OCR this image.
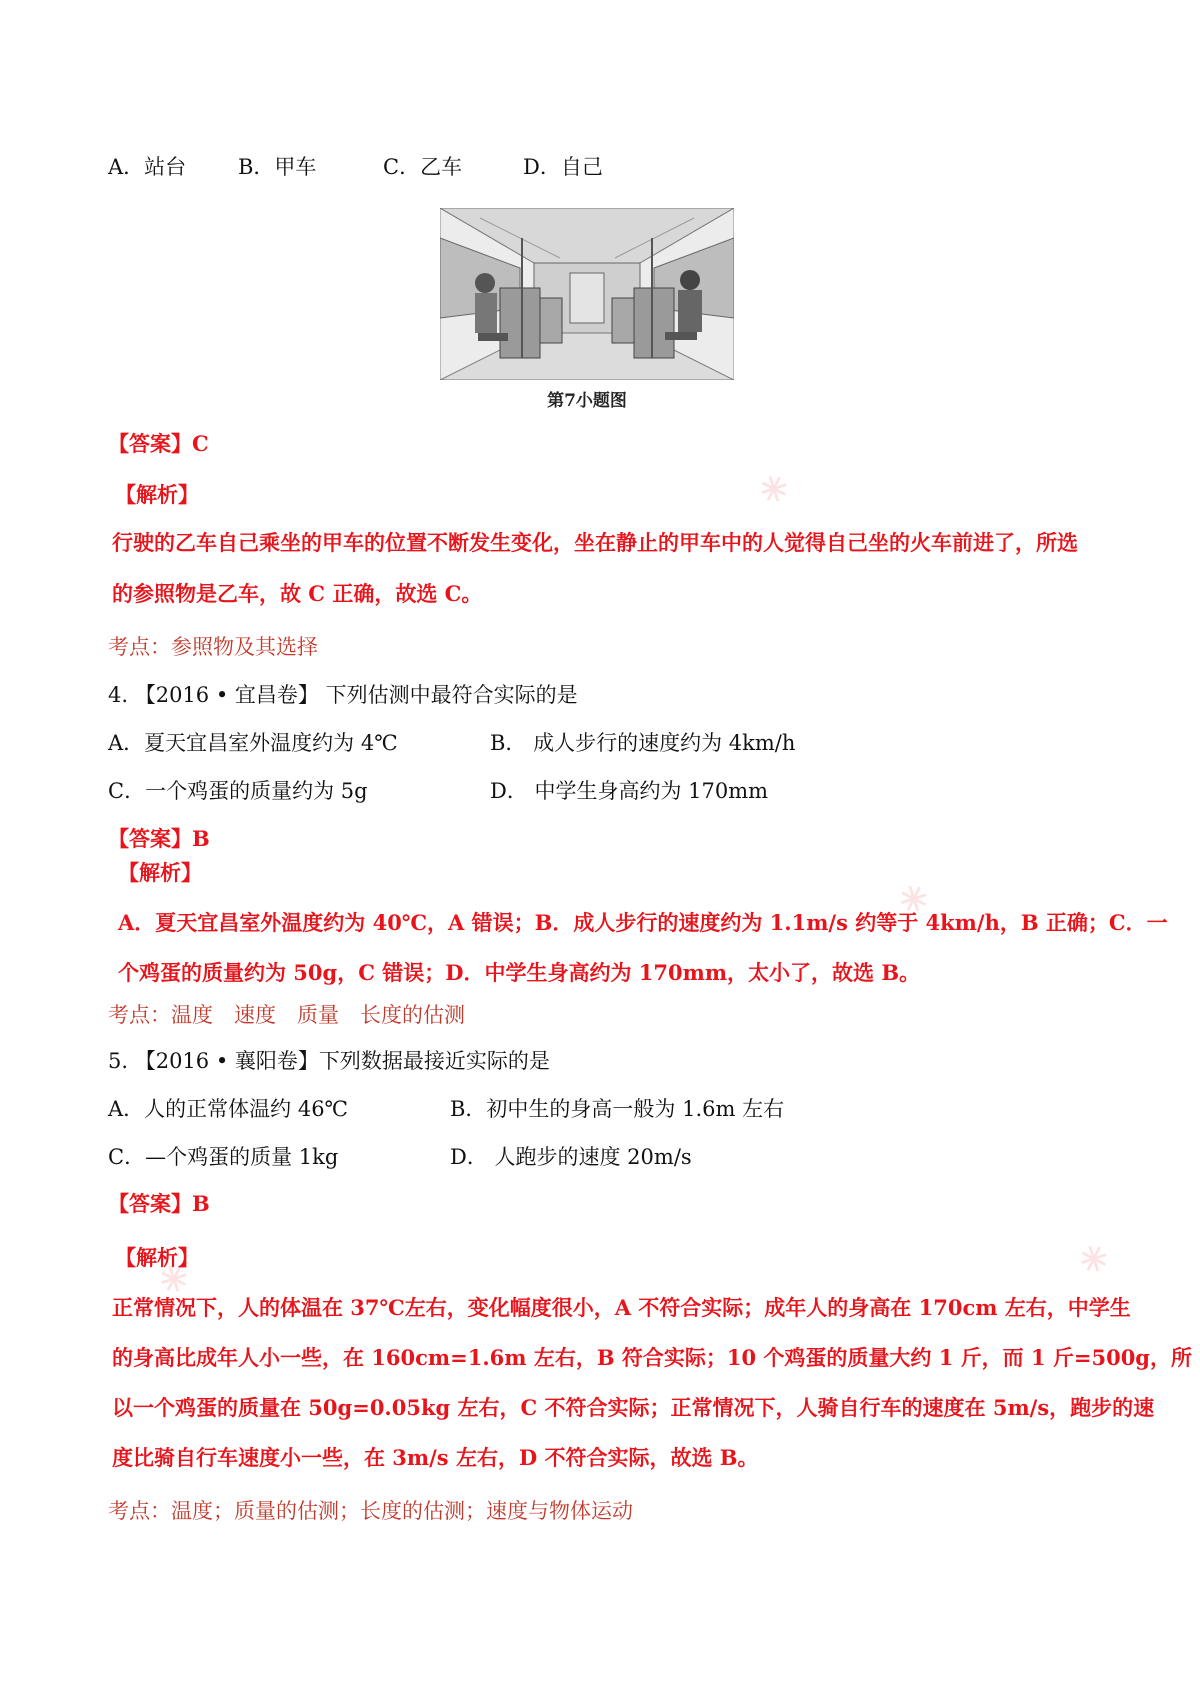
A．站台 B．甲车	C．乙车	D．自己
第7小题图
【答案】C
【解析】
行驶的乙车自己乘坐的甲车的位置不断发生变化，坐在静止的甲车中的人觉得自己坐的火车前进了，所选
的参照物是乙车，故 C 正确，故选 C。
考点：参照物及其选择
4. 【2016 • 宜昌卷】 下列估测中最符合实际的是
A．夏天宜昌室外温度约为 4℃	B． 成人步行的速度约为 4km/h
C．一个鸡蛋的质量约为 5g	D． 中学生身高约为 170mm
【答案】B
【解析】
A．夏天宜昌室外温度约为 40℃，A 错误；B．成人步行的速度约为 1.1m/s 约等于 4km/h，B 正确；C．一
个鸡蛋的质量约为 50g，C 错误；D．中学生身高约为 170mm，太小了，故选 B。
考点：温度　速度　质量　长度的估测
5. 【2016 • 襄阳卷】下列数据最接近实际的是
A．人的正常体温约 46℃	B．初中生的身高一般为 1.6m 左右
C．—个鸡蛋的质量 1kg	D． 人跑步的速度 20m/s
【答案】B
【解析】
正常情况下，人的体温在 37℃左右，变化幅度很小，A 不符合实际；成年人的身高在 170cm 左右，中学生
的身高比成年人小一些，在 160cm=1.6m 左右，B 符合实际；10 个鸡蛋的质量大约 1 斤，而 1 斤=500g，所
以一个鸡蛋的质量在 50g=0.05kg 左右，C 不符合实际；正常情况下，人骑自行车的速度在 5m/s，跑步的速
度比骑自行车速度小一些，在 3m/s 左右，D 不符合实际，故选 B。
考点：温度；质量的估测；长度的估测；速度与物体运动
✳
✳
✳	✳
